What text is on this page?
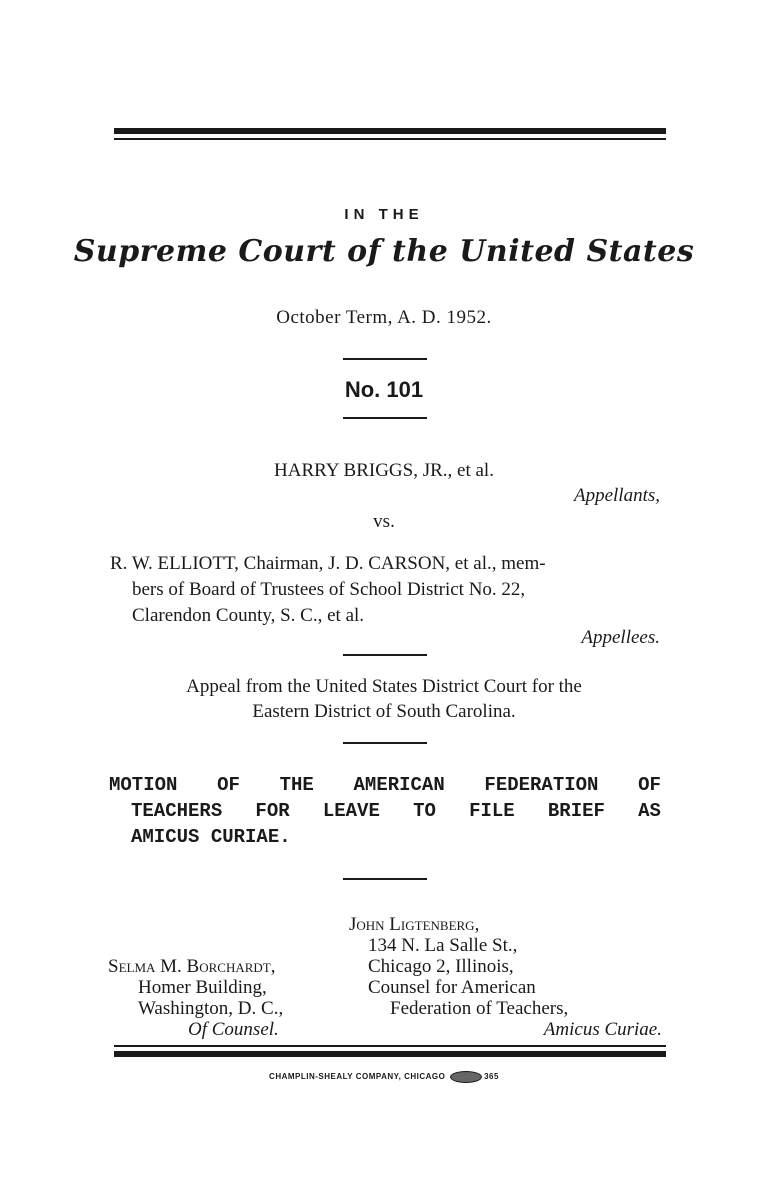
IN THE
Supreme Court of the United States
October Term, A. D. 1952.
No. 101
HARRY BRIGGS, JR., et al.
Appellants,
vs.
R. W. ELLIOTT, Chairman, J. D. CARSON, et al., mem-
bers of Board of Trustees of School District No. 22,
Clarendon County, S. C., et al.
Appellees.
Appeal from the United States District Court for the
Eastern District of South Carolina.
MOTION OF THE AMERICAN FEDERATION OF
TEACHERS FOR LEAVE TO FILE BRIEF AS
AMICUS CURIAE.
John Ligtenberg,
134 N. La Salle St.,
Chicago 2, Illinois,
Counsel for American
Federation of Teachers,
Amicus Curiae.
Selma M. Borchardt,
Homer Building,
Washington, D. C.,
Of Counsel.
CHAMPLIN-SHEALY COMPANY, CHICAGO	365
